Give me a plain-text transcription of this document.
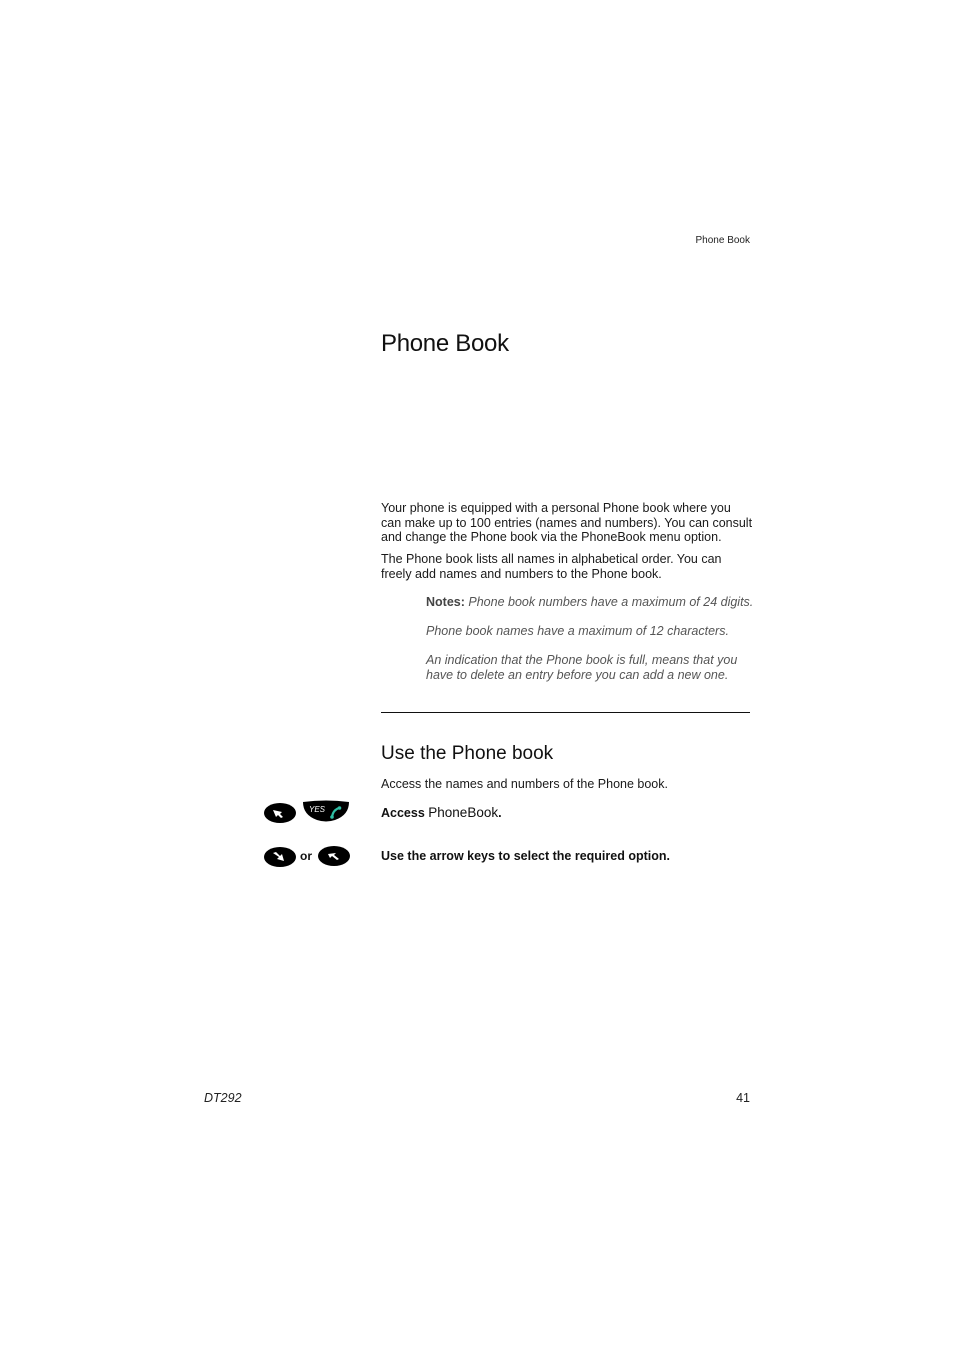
Phone Book
Phone Book

Your phone is equipped with a personal Phone book where you can make up to 100 entries (names and numbers). You can consult and change the Phone book via the PhoneBook menu option.

The Phone book lists all names in alphabetical order. You can freely add names and numbers to the Phone book.

Notes: Phone book numbers have a maximum of 24 digits.

Phone book names have a maximum of 12 characters.

An indication that the Phone book is full, means that you have to delete an entry before you can add a new one.

Use the Phone book

Access the names and numbers of the Phone book.

YES	Access PhoneBook.

or	Use the arrow keys to select the required option.

DT292	41
